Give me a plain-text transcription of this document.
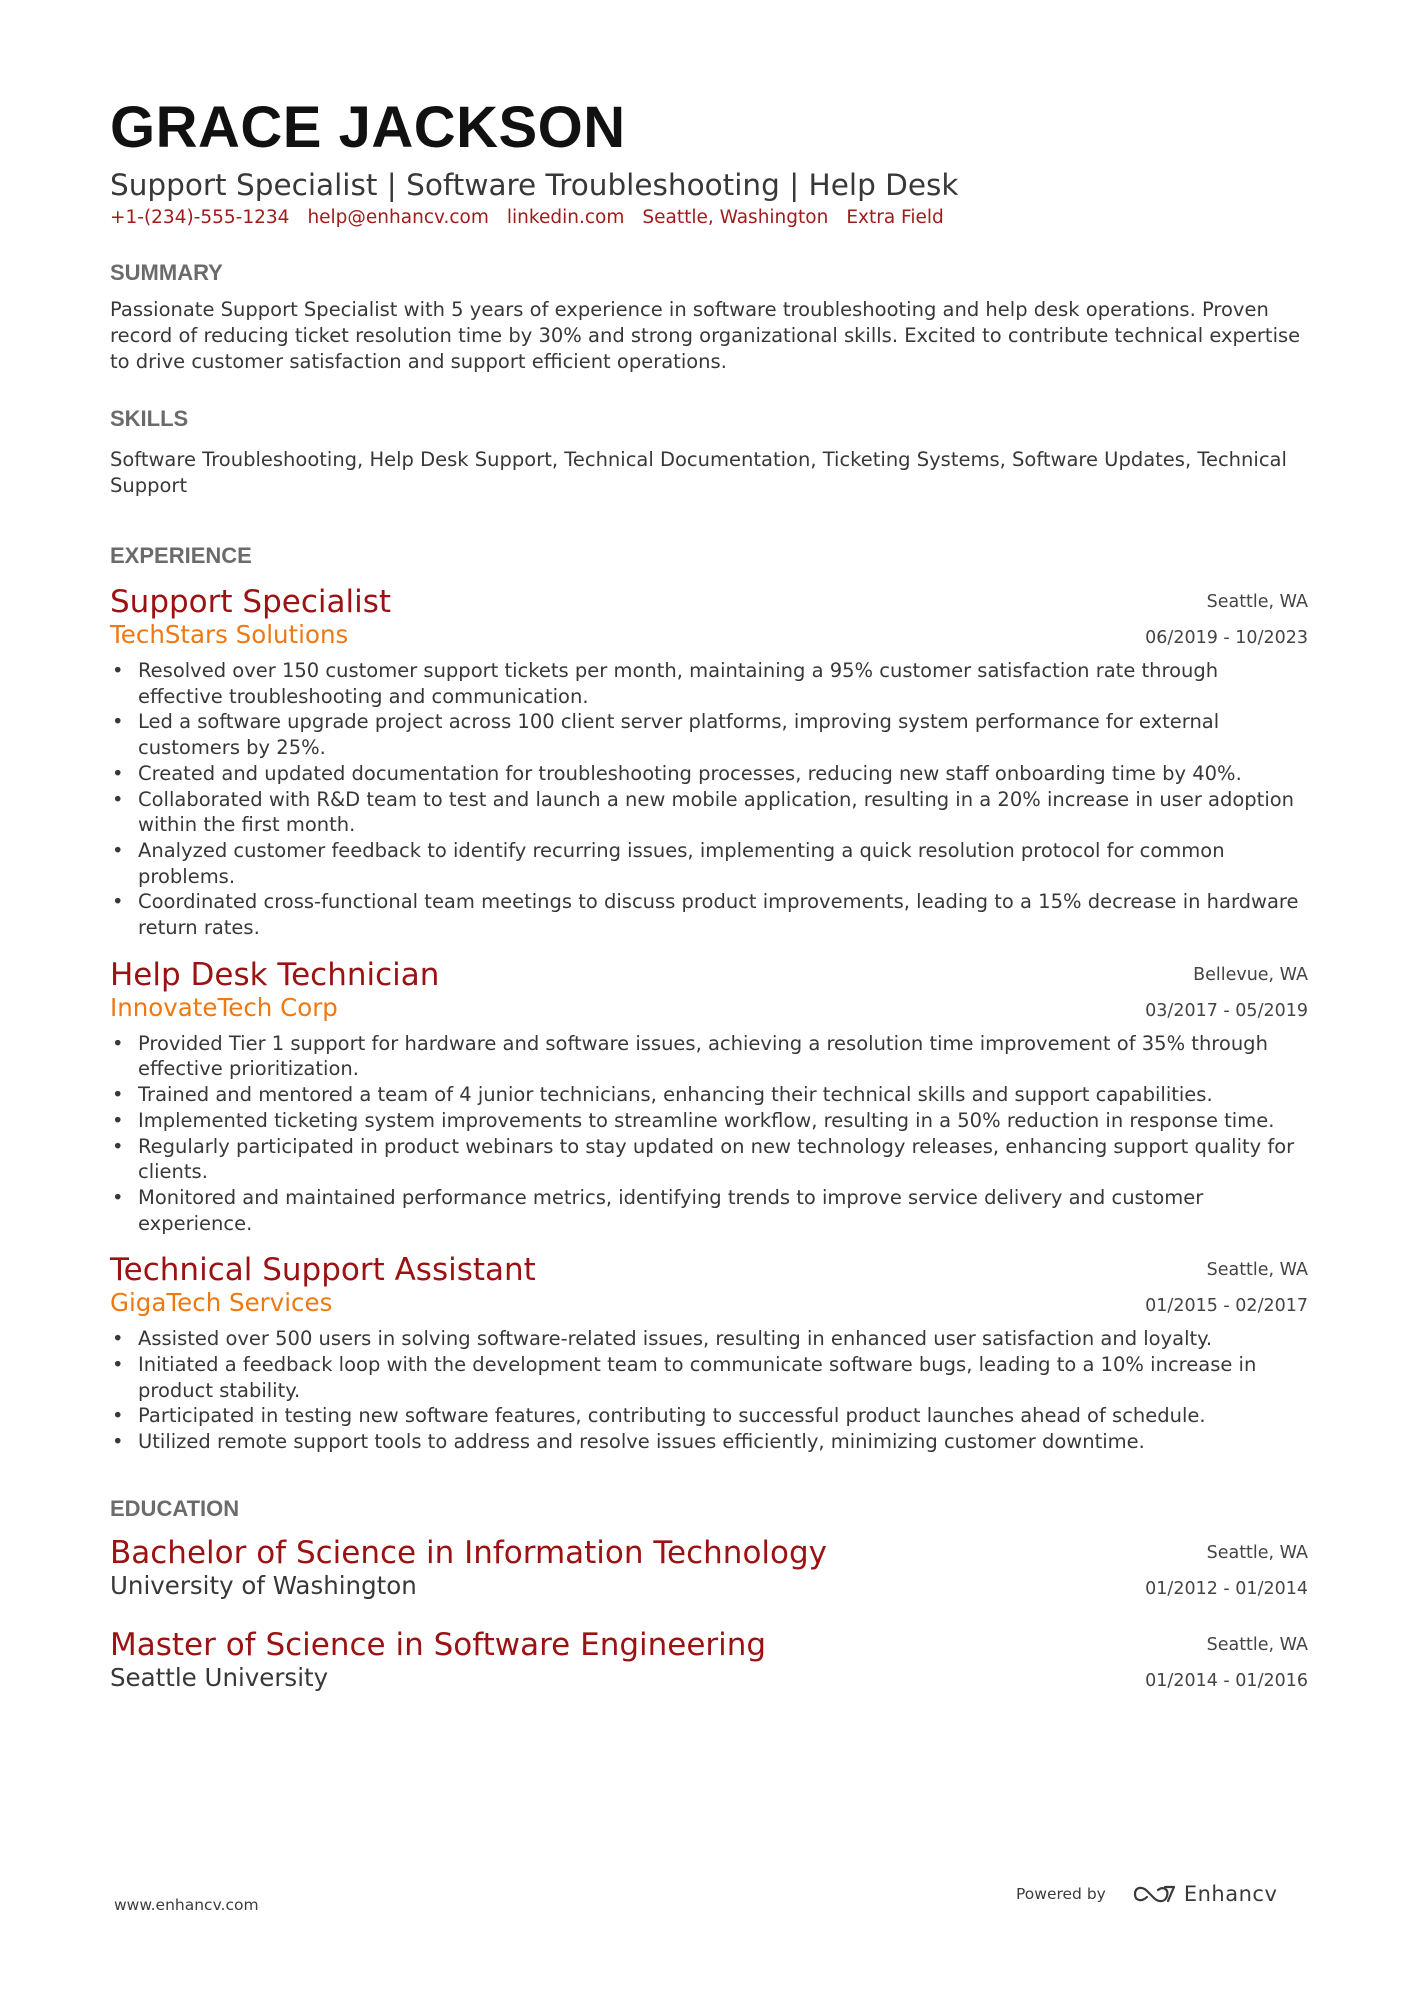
GRACE JACKSON
Support Specialist | Software Troubleshooting | Help Desk
+1-(234)-555-1234 help@enhancv.com linkedin.com Seattle, Washington Extra Field
SUMMARY

Passionate Support Specialist with 5 years of experience in software troubleshooting and help desk operations. Proven record of reducing ticket resolution time by 30% and strong organizational skills. Excited to contribute technical expertise to drive customer satisfaction and support efficient operations.

SKILLS

Software Troubleshooting, Help Desk Support, Technical Documentation, Ticketing Systems, Software Updates, Technical Support

EXPERIENCE
Support Specialist
TechStars Solutions
Seattle, WA
06/2019 - 10/2023
• Resolved over 150 customer support tickets per month, maintaining a 95% customer satisfaction rate through effective troubleshooting and communication.
• Led a software upgrade project across 100 client server platforms, improving system performance for external customers by 25%.
• Created and updated documentation for troubleshooting processes, reducing new staff onboarding time by 40%.
• Collaborated with R&D team to test and launch a new mobile application, resulting in a 20% increase in user adoption within the first month.
• Analyzed customer feedback to identify recurring issues, implementing a quick resolution protocol for common problems.
• Coordinated cross-functional team meetings to discuss product improvements, leading to a 15% decrease in hardware return rates.
Help Desk Technician
InnovateTech Corp
Bellevue, WA
03/2017 - 05/2019
• Provided Tier 1 support for hardware and software issues, achieving a resolution time improvement of 35% through effective prioritization.
• Trained and mentored a team of 4 junior technicians, enhancing their technical skills and support capabilities.
• Implemented ticketing system improvements to streamline workflow, resulting in a 50% reduction in response time.
• Regularly participated in product webinars to stay updated on new technology releases, enhancing support quality for clients.
• Monitored and maintained performance metrics, identifying trends to improve service delivery and customer experience.
Technical Support Assistant
GigaTech Services
Seattle, WA
01/2015 - 02/2017
• Assisted over 500 users in solving software-related issues, resulting in enhanced user satisfaction and loyalty.
• Initiated a feedback loop with the development team to communicate software bugs, leading to a 10% increase in product stability.
• Participated in testing new software features, contributing to successful product launches ahead of schedule.
• Utilized remote support tools to address and resolve issues efficiently, minimizing customer downtime.
EDUCATION
Bachelor of Science in Information Technology
University of Washington
Seattle, WA
01/2012 - 01/2014
Master of Science in Software Engineering
Seattle University
Seattle, WA
01/2014 - 01/2016
www.enhancv.com
Powered by	Enhancv
